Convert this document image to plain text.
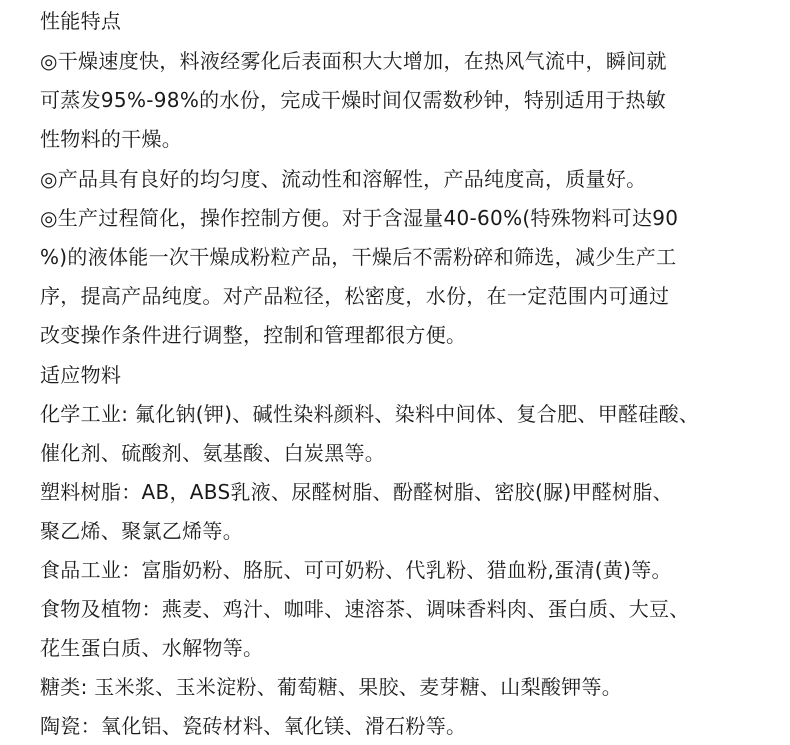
性能特点
◎干燥速度快，料液经雾化后表面积大大增加，在热风气流中，瞬间就
可蒸发95%-98%的水份，完成干燥时间仅需数秒钟，特别适用于热敏
性物料的干燥。
◎产品具有良好的均匀度、流动性和溶解性，产品纯度高，质量好。
◎生产过程简化，操作控制方便。对于含湿量40-60%(特殊物料可达90
%)的液体能一次干燥成粉粒产品，干燥后不需粉碎和筛选，减少生产工
序，提高产品纯度。对产品粒径，松密度，水份，在一定范围内可通过
改变操作条件进行调整，控制和管理都很方便。
适应物料
化学工业: 氟化钠(钾)、碱性染料颜料、染料中间体、复合肥、甲醛硅酸、
催化剂、硫酸剂、氨基酸、白炭黑等。
塑料树脂：AB，ABS乳液、尿醛树脂、酚醛树脂、密胶(脲)甲醛树脂、
聚乙烯、聚氯乙烯等。
食品工业：富脂奶粉、胳朊、可可奶粉、代乳粉、猎血粉,蛋清(黄)等。
食物及植物：燕麦、鸡汁、咖啡、速溶茶、调味香料肉、蛋白质、大豆、
花生蛋白质、水解物等。
糖类: 玉米浆、玉米淀粉、葡萄糖、果胶、麦芽糖、山梨酸钾等。
陶瓷：氧化铝、瓷砖材料、氧化镁、滑石粉等。
